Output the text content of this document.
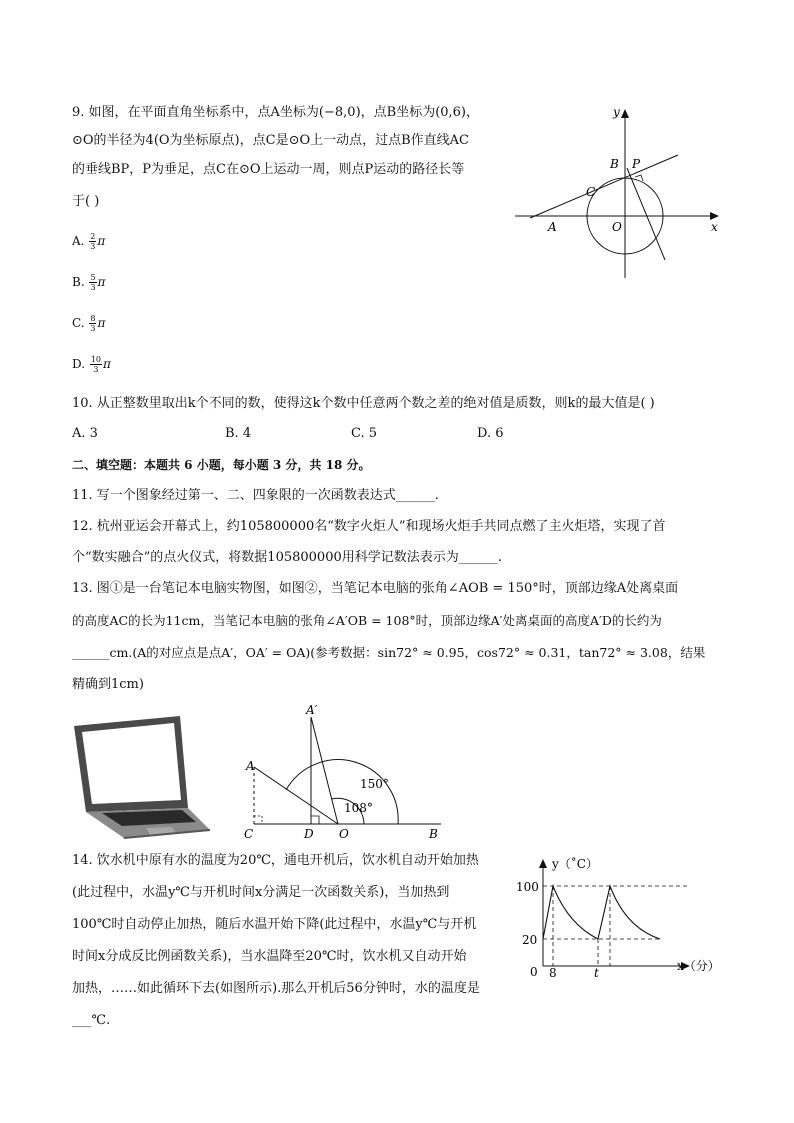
9. 如图，在平面直角坐标系中，点A坐标为(−8,0)，点B坐标为(0,6)，
⊙O的半径为4(O为坐标原点)，点C是⊙O上一动点，过点B作直线AC
的垂线BP，P为垂足，点C在⊙O上运动一周，则点P运动的路径长等
于( )
A. $\frac{2}{3}$ π
B. $\frac{5}{3}$ π
C. $\frac{8}{3}$ π
D. $\frac{10}{3}$ π
y
x
B P
C
A	O
10. 从正整数里取出k个不同的数，使得这k个数中任意两个数之差的绝对值是质数，则k的最大值是( )
A. 3	B. 4	C. 5	D. 6
二、填空题：本题共 6 小题，每小题 3 分，共 18 分。
11. 写一个图象经过第一、二、四象限的一次函数表达式______.
12. 杭州亚运会开幕式上，约105800000名“数字火炬人”和现场火炬手共同点燃了主火炬塔，实现了首
个“数实融合”的点火仪式，将数据105800000用科学记数法表示为______.
13. 图①是一台笔记本电脑实物图，如图②，当笔记本电脑的张角∠AOB = 150°时，顶部边缘A处离桌面
的高度AC的长为11cm，当笔记本电脑的张角∠A′OB = 108°时，顶部边缘A′处离桌面的高度A′D的长约为
______cm.(A的对应点是点A′，OA′ = OA)(参考数据：sin72° ≈ 0.95，cos72° ≈ 0.31，tan72° ≈ 3.08，结果
精确到1cm)
A′
A
C	D O	B
150°
108°
14. 饮水机中原有水的温度为20℃，通电开机后，饮水机自动开始加热
(此过程中，水温y℃与开机时间x分满足一次函数关系)，当加热到
100℃时自动停止加热，随后水温开始下降(此过程中，水温y℃与开机
时间x分成反比例函数关系)，当水温降至20℃时，饮水机又自动开始
加热，……如此循环下去(如图所示).那么开机后56分钟时，水的温度是
___℃.
y（˚C）
x（分）
100
20
0 8	t
